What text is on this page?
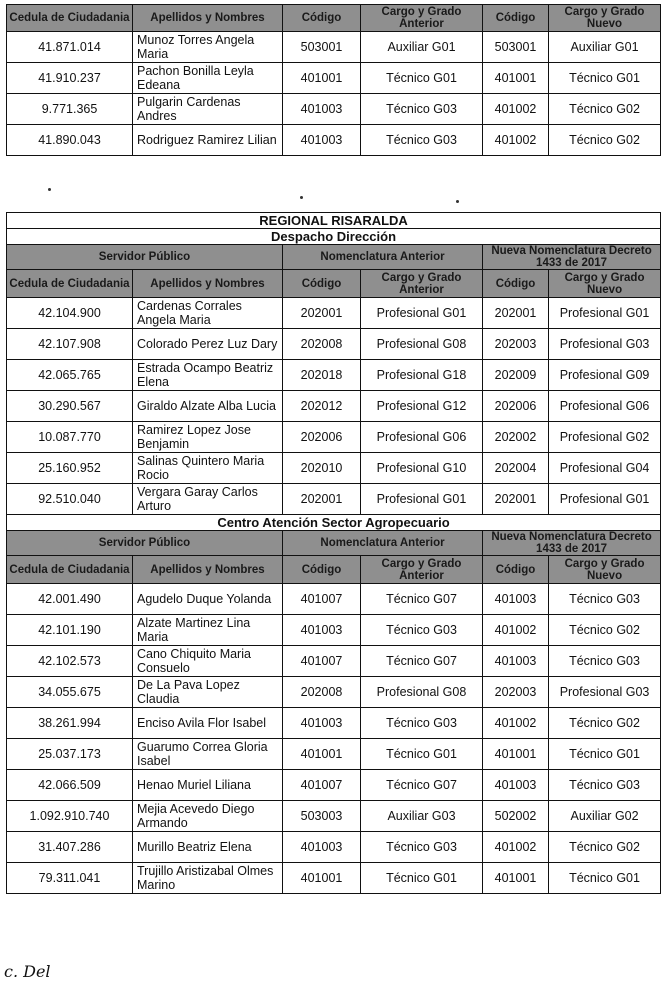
Cedula de Ciudadania	Apellidos y Nombres	Código	Cargo y Grado Anterior	Código	Cargo y Grado Nuevo
41.871.014	Munoz Torres Angela Maria	503001	Auxiliar G01	503001	Auxiliar G01
41.910.237	Pachon Bonilla Leyla Edeana	401001	Técnico G01	401001	Técnico G01
9.771.365	Pulgarin Cardenas Andres	401003	Técnico G03	401002	Técnico G02
41.890.043	Rodriguez Ramirez Lilian	401003	Técnico G03	401002	Técnico G02
REGIONAL RISARALDA					
Despacho Dirección					
Servidor Público		Nomenclatura Anterior		Nueva Nomenclatura Decreto 1433 de 2017	
Cedula de Ciudadania	Apellidos y Nombres	Código	Cargo y Grado Anterior	Código	Cargo y Grado Nuevo
42.104.900	Cardenas Corrales Angela Maria	202001	Profesional G01	202001	Profesional G01
42.107.908	Colorado Perez Luz Dary	202008	Profesional G08	202003	Profesional G03
42.065.765	Estrada Ocampo Beatriz Elena	202018	Profesional G18	202009	Profesional G09
30.290.567	Giraldo Alzate Alba Lucia	202012	Profesional G12	202006	Profesional G06
10.087.770	Ramirez Lopez Jose Benjamin	202006	Profesional G06	202002	Profesional G02
25.160.952	Salinas Quintero Maria Rocio	202010	Profesional G10	202004	Profesional G04
92.510.040	Vergara Garay Carlos Arturo	202001	Profesional G01	202001	Profesional G01
Centro Atención Sector Agropecuario					
Servidor Público		Nomenclatura Anterior		Nueva Nomenclatura Decreto 1433 de 2017	
Cedula de Ciudadania	Apellidos y Nombres	Código	Cargo y Grado Anterior	Código	Cargo y Grado Nuevo
42.001.490	Agudelo Duque Yolanda	401007	Técnico G07	401003	Técnico G03
42.101.190	Alzate Martinez Lina Maria	401003	Técnico G03	401002	Técnico G02
42.102.573	Cano Chiquito Maria Consuelo	401007	Técnico G07	401003	Técnico G03
34.055.675	De La Pava Lopez Claudia	202008	Profesional G08	202003	Profesional G03
38.261.994	Enciso Avila Flor Isabel	401003	Técnico G03	401002	Técnico G02
25.037.173	Guarumo Correa Gloria Isabel	401001	Técnico G01	401001	Técnico G01
42.066.509	Henao Muriel Liliana	401007	Técnico G07	401003	Técnico G03
1.092.910.740	Mejia Acevedo Diego Armando	503003	Auxiliar G03	502002	Auxiliar G02
31.407.286	Murillo Beatriz Elena	401003	Técnico G03	401002	Técnico G02
79.311.041	Trujillo Aristizabal Olmes Marino	401001	Técnico G01	401001	Técnico G01
c. Del
